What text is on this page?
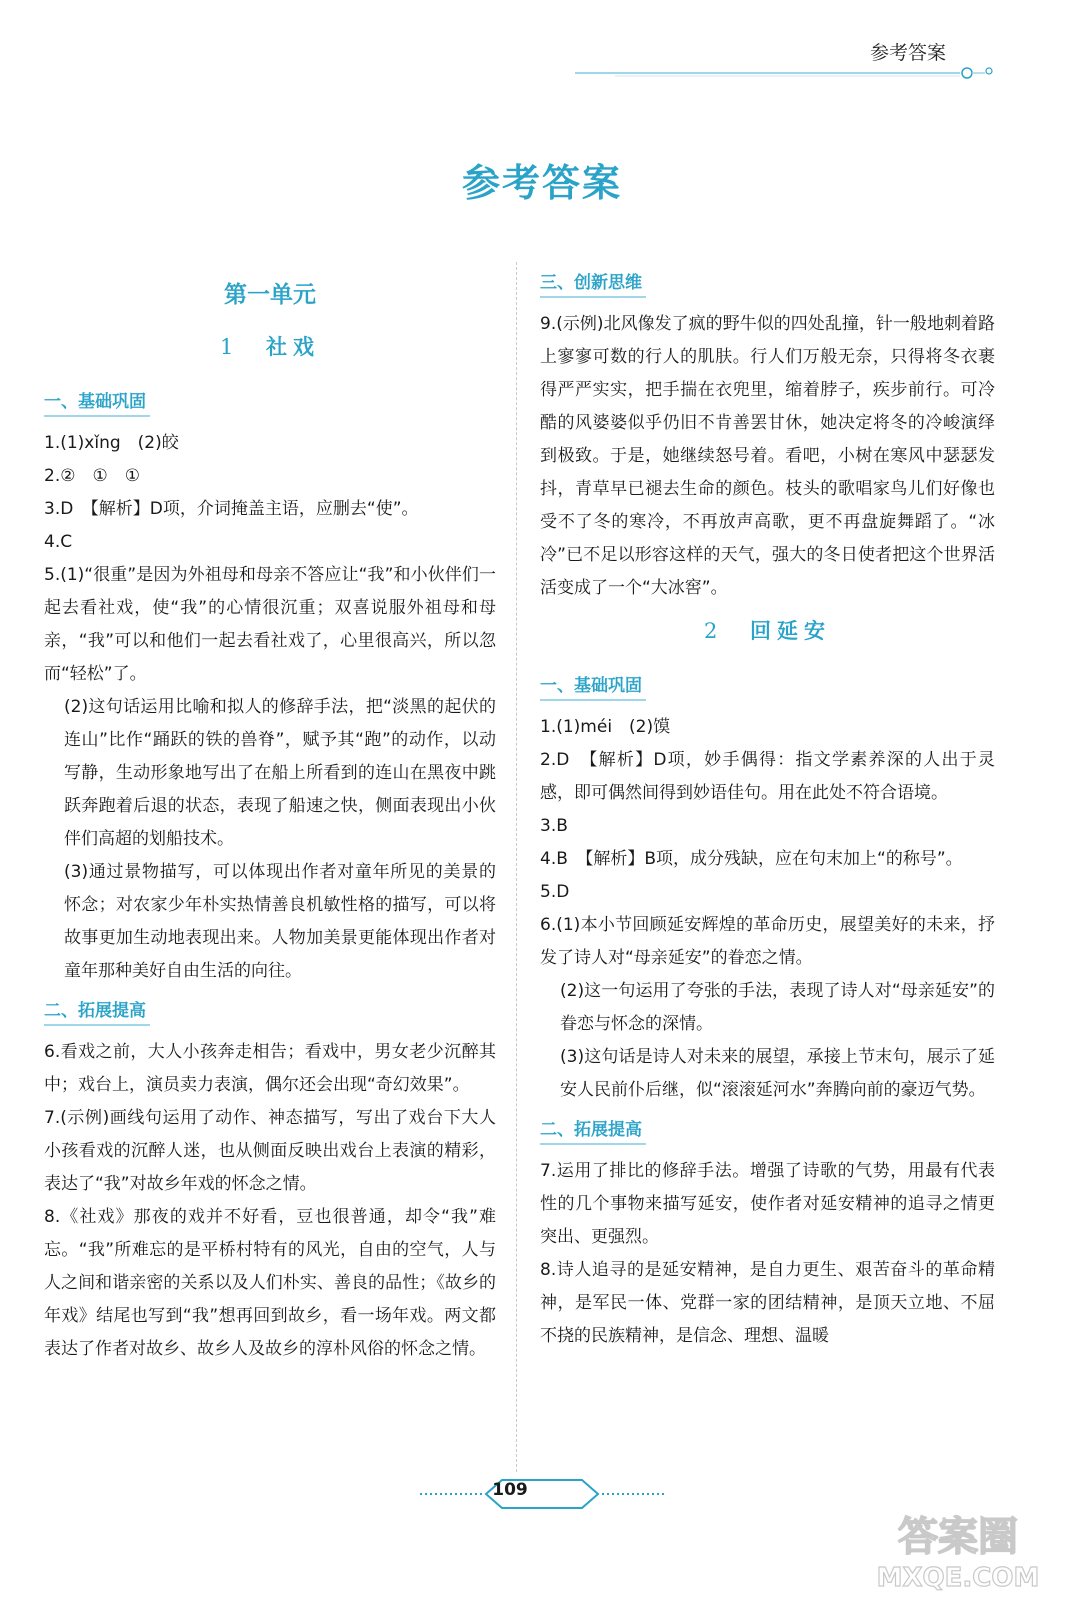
参考答案
参考答案
第一单元
1 社戏
一、基础巩固

1.(1)xǐng　(2)皎

2.②　①　①

3.D　【解析】D项，介词掩盖主语，应删去“使”。

4.C

5.(1)“很重”是因为外祖母和母亲不答应让“我”和小伙伴们一起去看社戏，使“我”的心情很沉重；双喜说服外祖母和母亲，“我”可以和他们一起去看社戏了，心里很高兴，所以忽而“轻松”了。

(2)这句话运用比喻和拟人的修辞手法，把“淡黑的起伏的连山”比作“踊跃的铁的兽脊”，赋予其“跑”的动作，以动写静，生动形象地写出了在船上所看到的连山在黑夜中跳跃奔跑着后退的状态，表现了船速之快，侧面表现出小伙伴们高超的划船技术。

(3)通过景物描写，可以体现出作者对童年所见的美景的怀念；对农家少年朴实热情善良机敏性格的描写，可以将故事更加生动地表现出来。人物加美景更能体现出作者对童年那种美好自由生活的向往。

二、拓展提高

6.看戏之前，大人小孩奔走相告；看戏中，男女老少沉醉其中；戏台上，演员卖力表演，偶尔还会出现“奇幻效果”。

7.(示例)画线句运用了动作、神态描写，写出了戏台下大人小孩看戏的沉醉人迷，也从侧面反映出戏台上表演的精彩，表达了“我”对故乡年戏的怀念之情。

8.《社戏》那夜的戏并不好看，豆也很普通，却令“我”难忘。“我”所难忘的是平桥村特有的风光，自由的空气，人与人之间和谐亲密的关系以及人们朴实、善良的品性；《故乡的年戏》结尾也写到“我”想再回到故乡，看一场年戏。两文都表达了作者对故乡、故乡人及故乡的淳朴风俗的怀念之情。

三、创新思维

9.(示例)北风像发了疯的野牛似的四处乱撞，针一般地刺着路上寥寥可数的行人的肌肤。行人们万般无奈，只得将冬衣裹得严严实实，把手揣在衣兜里，缩着脖子，疾步前行。可冷酷的风婆婆似乎仍旧不肯善罢甘休，她决定将冬的冷峻演绎到极致。于是，她继续怒号着。看吧，小树在寒风中瑟瑟发抖，青草早已褪去生命的颜色。枝头的歌唱家鸟儿们好像也受不了冬的寒冷，不再放声高歌，更不再盘旋舞蹈了。“冰冷”已不足以形容这样的天气，强大的冬日使者把这个世界活活变成了一个“大冰窖”。

2 回延安
一、基础巩固

1.(1)méi　(2)馍

2.D　【解析】D项，妙手偶得：指文学素养深的人出于灵感，即可偶然间得到妙语佳句。用在此处不符合语境。

3.B

4.B　【解析】B项，成分残缺，应在句末加上“的称号”。

5.D

6.(1)本小节回顾延安辉煌的革命历史，展望美好的未来，抒发了诗人对“母亲延安”的眷恋之情。

(2)这一句运用了夸张的手法，表现了诗人对“母亲延安”的眷恋与怀念的深情。

(3)这句话是诗人对未来的展望，承接上节末句，展示了延安人民前仆后继，似“滚滚延河水”奔腾向前的豪迈气势。

二、拓展提高

7.运用了排比的修辞手法。增强了诗歌的气势，用最有代表性的几个事物来描写延安，使作者对延安精神的追寻之情更突出、更强烈。

8.诗人追寻的是延安精神，是自力更生、艰苦奋斗的革命精神，是军民一体、党群一家的团结精神，是顶天立地、不屈不挠的民族精神，是信念、理想、温暖

109
答案圈
MXQE.COM
